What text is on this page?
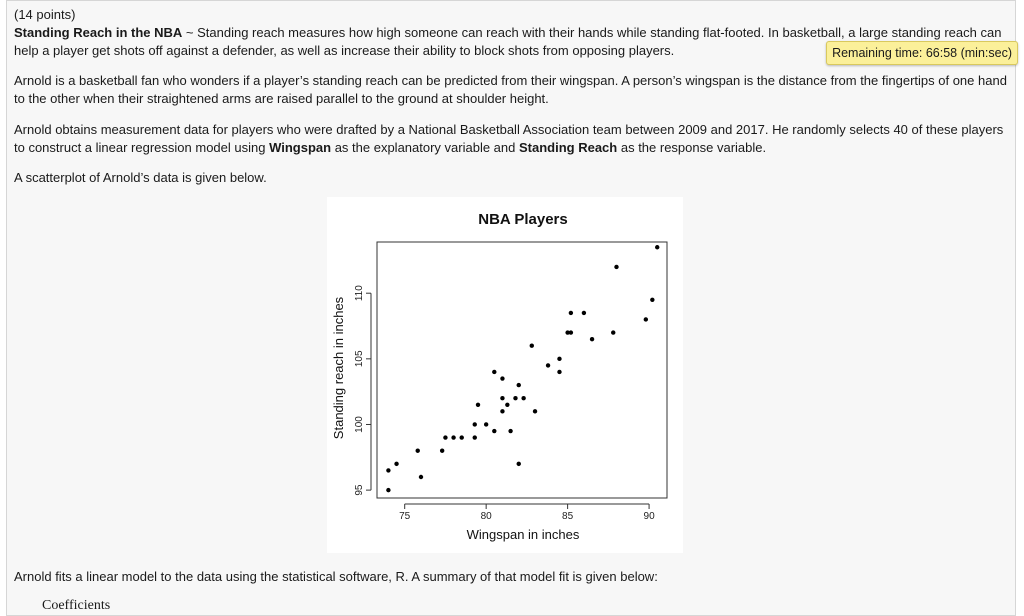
(14 points)
Standing Reach in the NBA ~ Standing reach measures how high someone can reach with their hands while standing flat-footed. In basketball, a large standing reach can help a player get shots off against a defender, as well as increase their ability to block shots from opposing players.
Arnold is a basketball fan who wonders if a player’s standing reach can be predicted from their wingspan. A person’s wingspan is the distance from the fingertips of one hand to the other when their straightened arms are raised parallel to the ground at shoulder height.
Arnold obtains measurement data for players who were drafted by a National Basketball Association team between 2009 and 2017. He randomly selects 40 of these players to construct a linear regression model using Wingspan as the explanatory variable and Standing Reach as the response variable.
A scatterplot of Arnold’s data is given below.
Arnold fits a linear model to the data using the statistical software, R. A summary of that model fit is given below:
Coefficients
Remaining time: 66:58 (min:sec)
NBA Players
75	80	85	90
95
100
105
110
Wingspan in inches
Standing reach in inches
